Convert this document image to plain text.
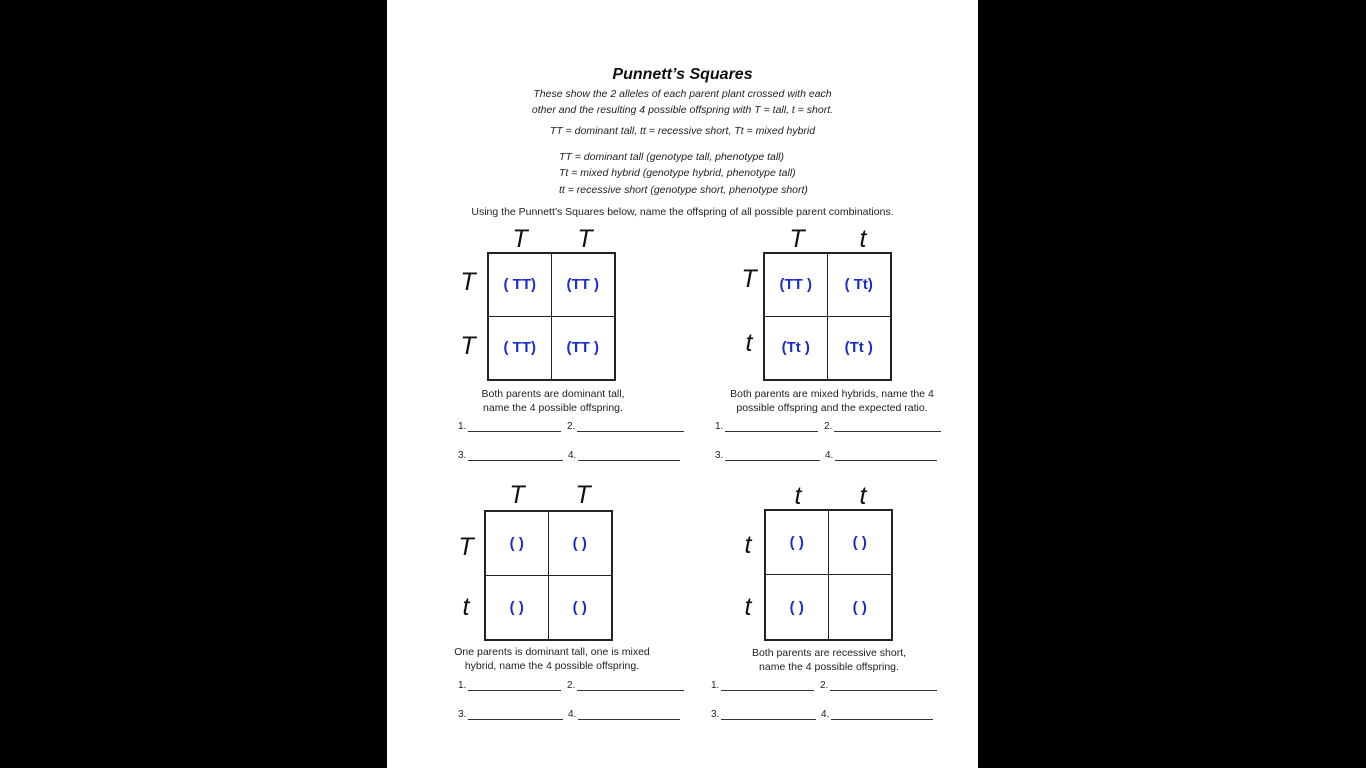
Punnett’s Squares
These show the 2 alleles of each parent plant crossed with each
other and the resulting 4 possible offspring with T = tall, t = short.
TT = dominant tall, tt = recessive short, Tt = mixed hybrid
TT = dominant tall (genotype tall, phenotype tall)
Tt = mixed hybrid (genotype hybrid, phenotype tall)
tt = recessive short (genotype short, phenotype short)
Using the Punnett’s Squares below, name the offspring of all possible parent combinations.
T T
T
T
( TT)	(TT )
( TT)	(TT )
Both parents are dominant tall,
name the 4 possible offspring.
1.	2.
3.	4.
T	t
T
t
(TT )	( Tt)
(Tt )	(Tt )
Both parents are mixed hybrids, name the 4
possible offspring and the expected ratio.
1.	2.
3.	4.
T T
T
t
( )	( )
( )	( )
One parents is dominant tall, one is mixed
hybrid, name the 4 possible offspring.
1.	2.
3.	4.
t	t
t
t
( )	( )
( )	( )
Both parents are recessive short,
name the 4 possible offspring.
1.	2.
3.	4.
